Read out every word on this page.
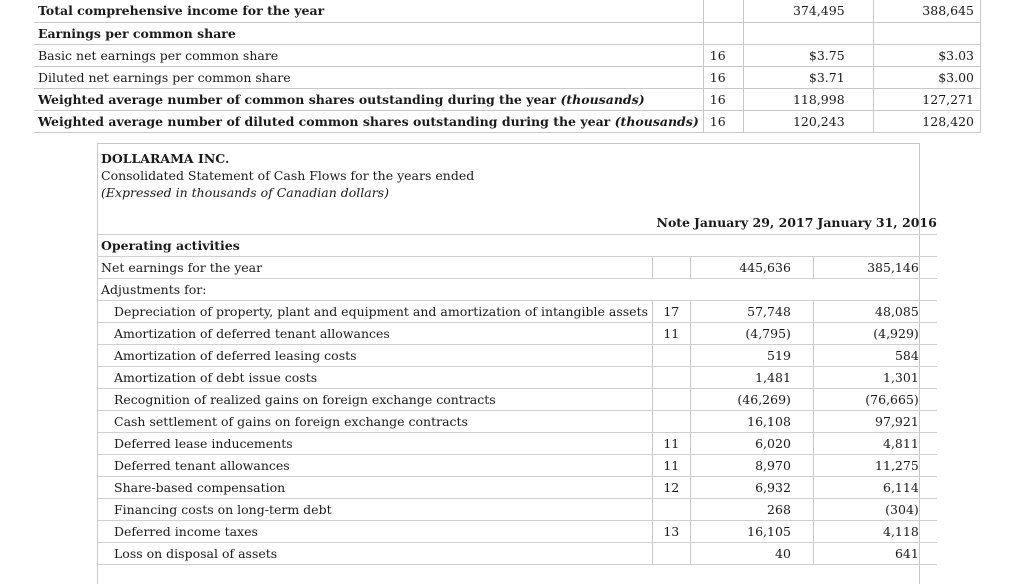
Total comprehensive income for the year		374,495	388,645
Earnings per common share			
Basic net earnings per common share	16	$3.75	$3.03
Diluted net earnings per common share	16	$3.71	$3.00
Weighted average number of common shares outstanding during the year (thousands)	16	118,998	127,271
Weighted average number of diluted common shares outstanding during the year (thousands)	16	120,243	128,420
DOLLARAMA INC.
Consolidated Statement of Cash Flows for the years ended
(Expressed in thousands of Canadian dollars)
	Note	January 29, 2017	January 31, 2016
Operating activities			
Net earnings for the year		445,636	385,146
Adjustments for:			
Depreciation of property, plant and equipment and amortization of intangible assets	17	57,748	48,085
Amortization of deferred tenant allowances	11	(4,795)	(4,929)
Amortization of deferred leasing costs		519	584
Amortization of debt issue costs		1,481	1,301
Recognition of realized gains on foreign exchange contracts		(46,269)	(76,665)
Cash settlement of gains on foreign exchange contracts		16,108	97,921
Deferred lease inducements	11	6,020	4,811
Deferred tenant allowances	11	8,970	11,275
Share-based compensation	12	6,932	6,114
Financing costs on long-term debt		268	(304)
Deferred income taxes	13	16,105	4,118
Loss on disposal of assets		40	641
